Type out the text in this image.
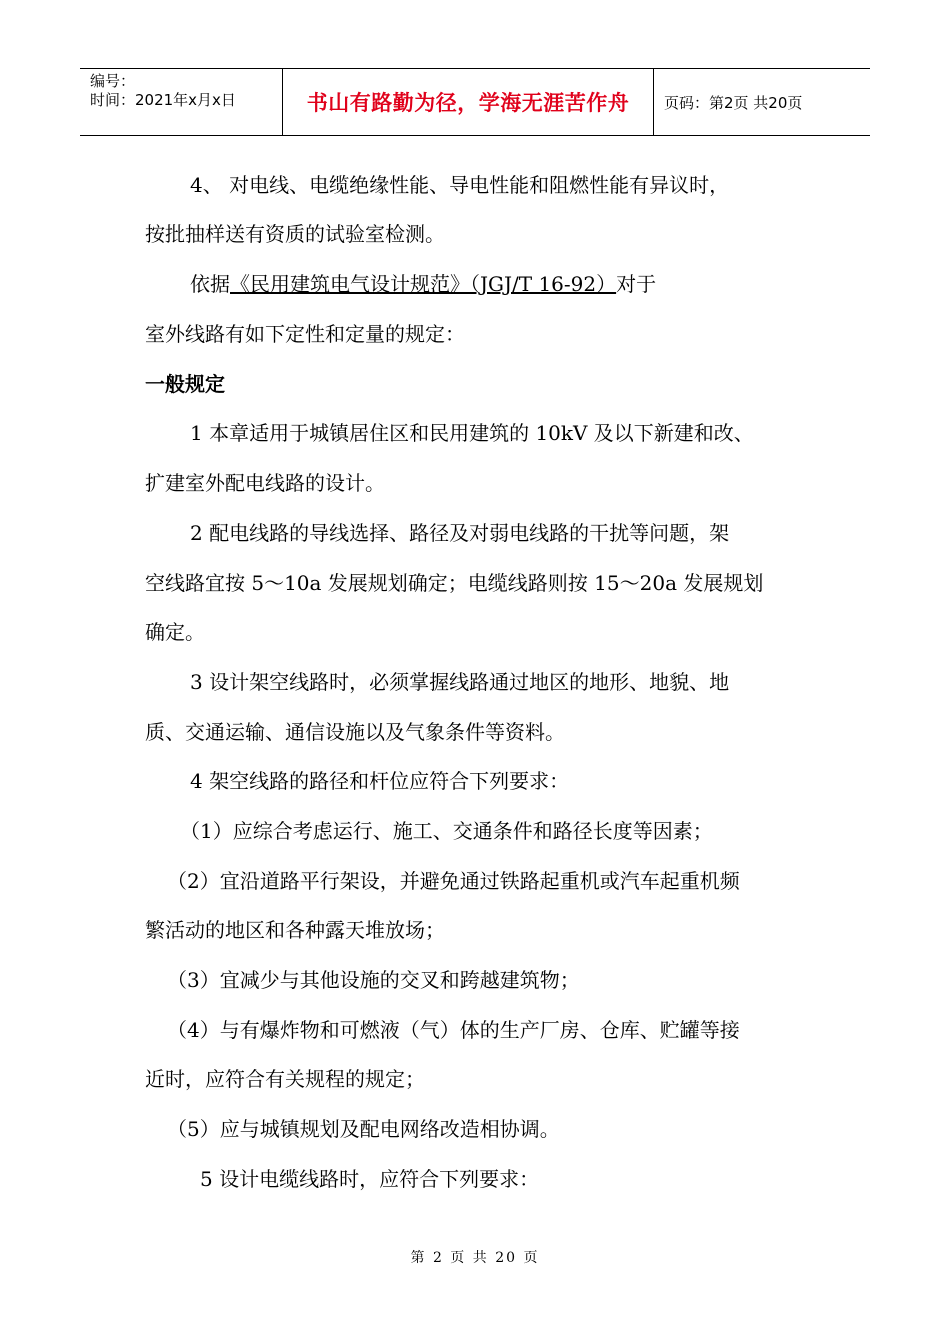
编号：
时间：2021年x月x日	书山有路勤为径，学海无涯苦作舟	页码：第2页 共20页
4、 对电线、电缆绝缘性能、导电性能和阻燃性能有异议时，
按批抽样送有资质的试验室检测。
依据《民用建筑电气设计规范》（JGJ/T 16-92）对于
室外线路有如下定性和定量的规定：
一般规定
1 本章适用于城镇居住区和民用建筑的 10kV 及以下新建和改、
扩建室外配电线路的设计。
2 配电线路的导线选择、路径及对弱电线路的干扰等问题，架
空线路宜按 5～10a 发展规划确定；电缆线路则按 15～20a 发展规划
确定。
3 设计架空线路时，必须掌握线路通过地区的地形、地貌、地
质、交通运输、通信设施以及气象条件等资料。
4 架空线路的路径和杆位应符合下列要求：
（1）应综合考虑运行、施工、交通条件和路径长度等因素；
（2）宜沿道路平行架设，并避免通过铁路起重机或汽车起重机频
繁活动的地区和各种露天堆放场；
（3）宜减少与其他设施的交叉和跨越建筑物；
（4）与有爆炸物和可燃液（气）体的生产厂房、仓库、贮罐等接
近时，应符合有关规程的规定；
（5）应与城镇规划及配电网络改造相协调。
5 设计电缆线路时，应符合下列要求：
第 2 页 共 20 页
